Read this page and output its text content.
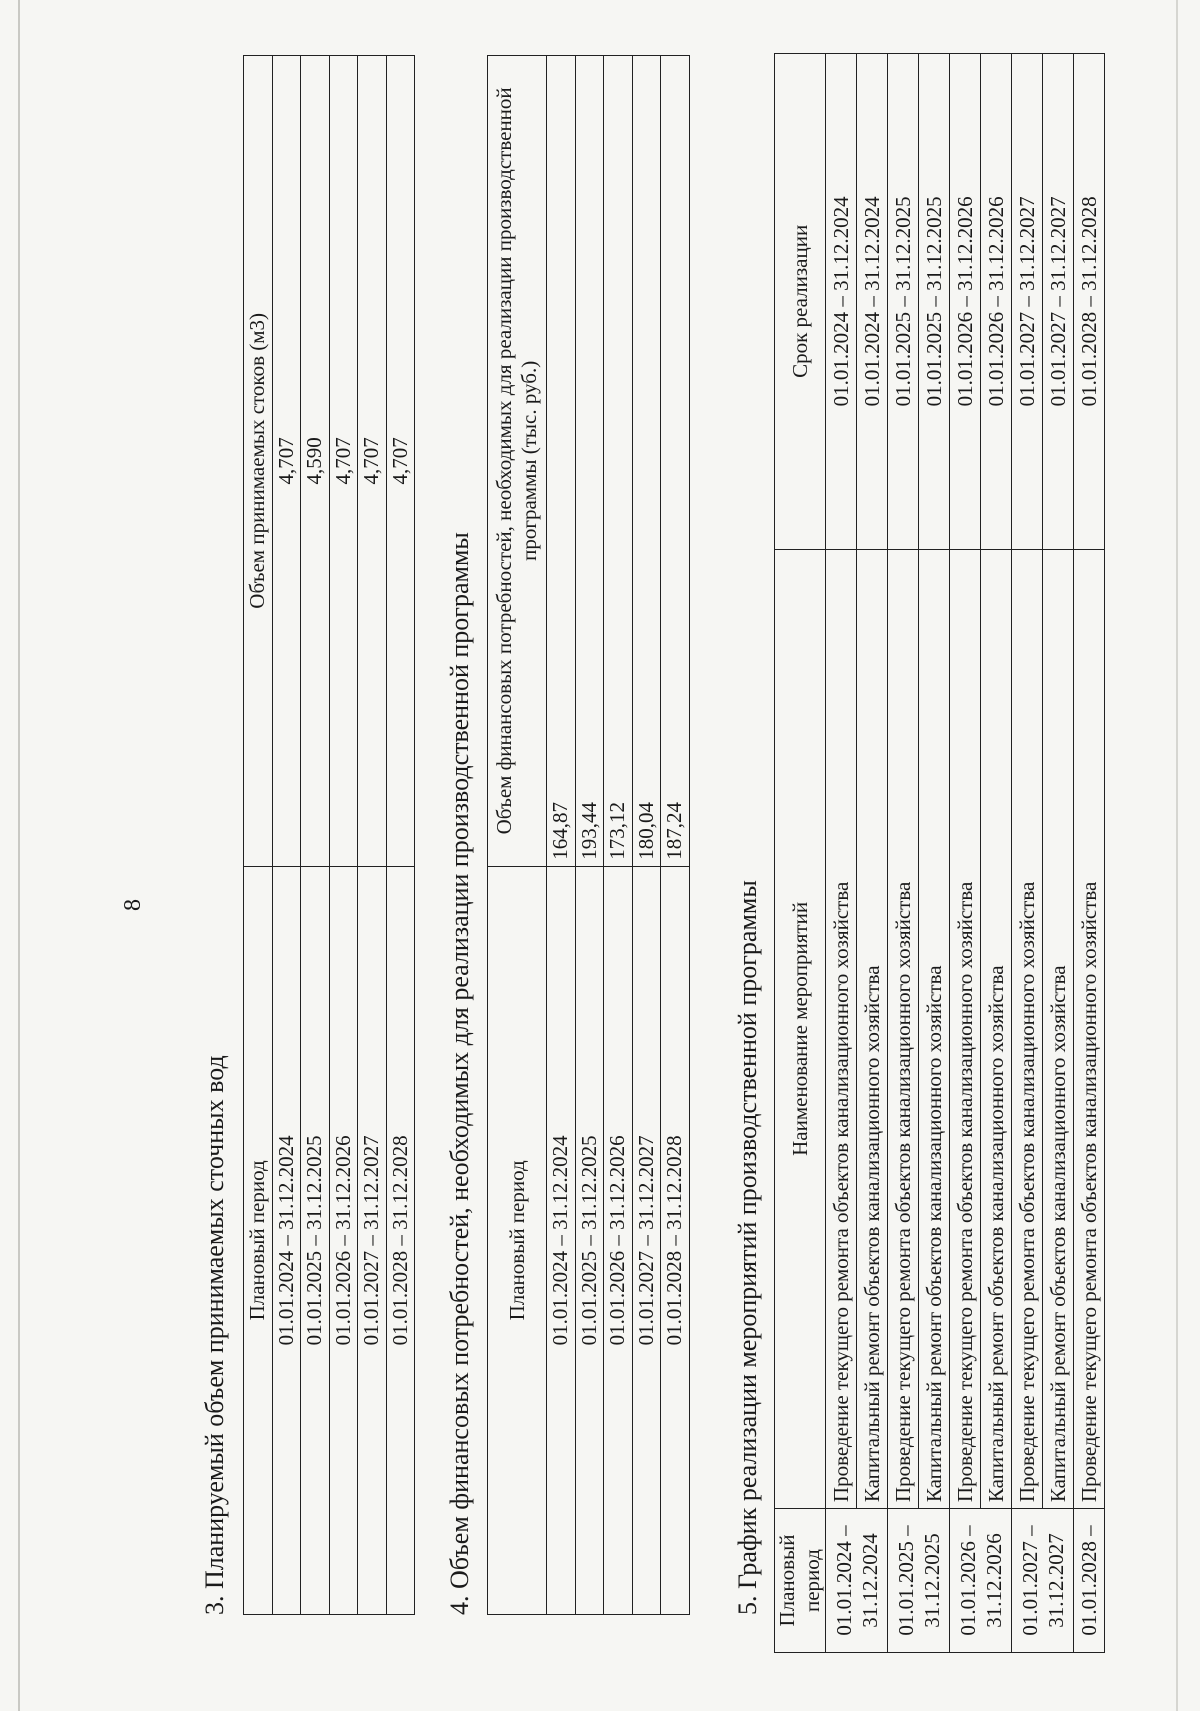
8
3. Планируемый объем принимаемых сточных вод Плановый период	Объем принимаемых стоков (м3)
01.01.2024 – 31.12.2024	4,707
01.01.2025 – 31.12.2025	4,590
01.01.2026 – 31.12.2026	4,707
01.01.2027 – 31.12.2027	4,707
01.01.2028 – 31.12.2028	4,707
4. Объем финансовых потребностей, необходимых для реализации производственной программы Плановый период	Объем финансовых потребностей, необходимых для реализации производственной программы (тыс. руб.)
01.01.2024 – 31.12.2024	164,87
01.01.2025 – 31.12.2025	193,44
01.01.2026 – 31.12.2026	173,12
01.01.2027 – 31.12.2027	180,04
01.01.2028 – 31.12.2028	187,24
5. График реализации мероприятий производственной программы Плановый период	Наименование мероприятий	Срок реализации
01.01.2024 – 31.12.2024	Проведение текущего ремонта объектов канализационного хозяйства	01.01.2024 – 31.12.2024
	Капитальный ремонт объектов канализационного хозяйства	01.01.2024 – 31.12.2024
01.01.2025 – 31.12.2025	Проведение текущего ремонта объектов канализационного хозяйства	01.01.2025 – 31.12.2025
	Капитальный ремонт объектов канализационного хозяйства	01.01.2025 – 31.12.2025
01.01.2026 – 31.12.2026	Проведение текущего ремонта объектов канализационного хозяйства	01.01.2026 – 31.12.2026
	Капитальный ремонт объектов канализационного хозяйства	01.01.2026 – 31.12.2026
01.01.2027 – 31.12.2027	Проведение текущего ремонта объектов канализационного хозяйства	01.01.2027 – 31.12.2027
	Капитальный ремонт объектов канализационного хозяйства	01.01.2027 – 31.12.2027
01.01.2028 –	Проведение текущего ремонта объектов канализационного хозяйства	01.01.2028 – 31.12.2028
